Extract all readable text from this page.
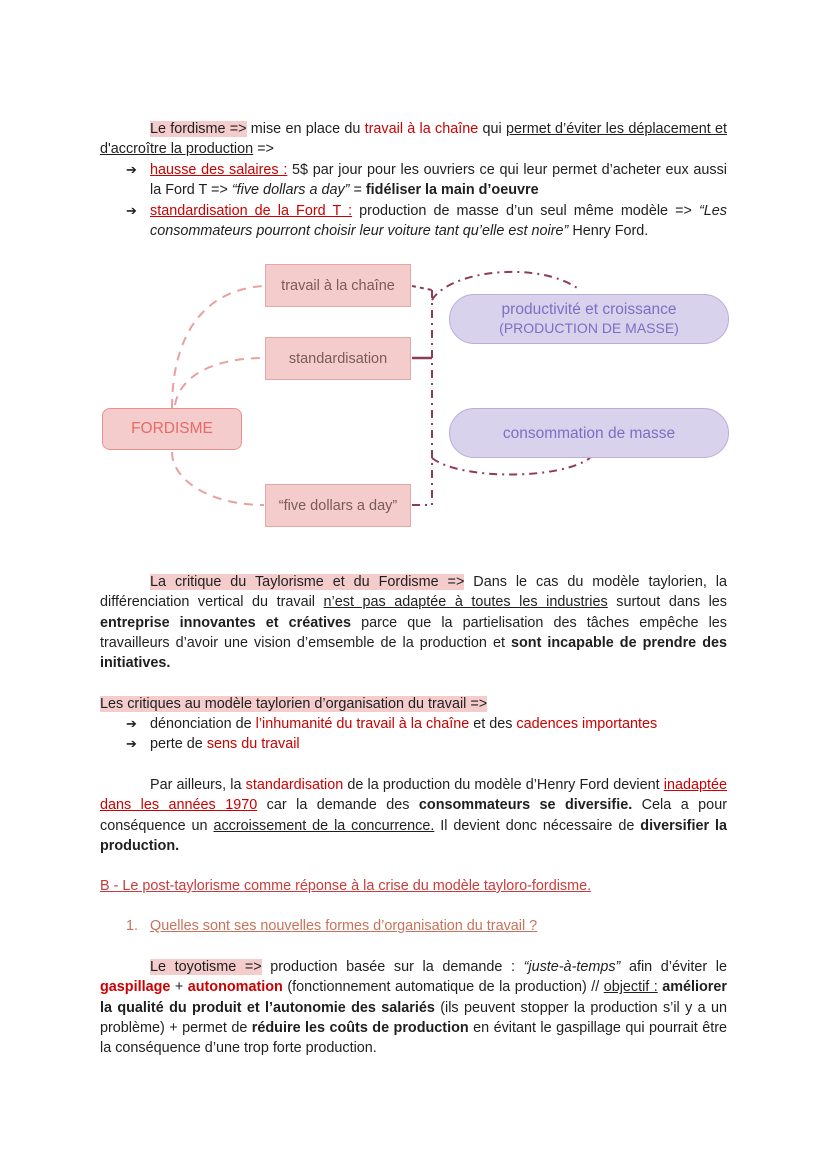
Le fordisme => mise en place du travail à la chaîne qui permet d’éviter les déplacement et d'accroître la production =>
➔ hausse des salaires : 5$ par jour pour les ouvriers ce qui leur permet d’acheter eux aussi la Ford T => “five dollars a day” = fidéliser la main d’oeuvre
➔ standardisation de la Ford T : production de masse d’un seul même modèle => “Les consommateurs pourront choisir leur voiture tant qu’elle est noire” Henry Ford.
FORDISME
travail à la chaîne
standardisation
“five dollars a day”
productivité et croissance
(PRODUCTION DE MASSE)
consommation de masse
La critique du Taylorisme et du Fordisme => Dans le cas du modèle taylorien, la différenciation vertical du travail n’est pas adaptée à toutes les industries surtout dans les entreprise innovantes et créatives parce que la partielisation des tâches empêche les travailleurs d’avoir une vision d’emsemble de la production et sont incapable de prendre des initiatives.
Les critiques au modèle taylorien d’organisation du travail =>
➔ dénonciation de l’inhumanité du travail à la chaîne et des cadences importantes
➔ perte de sens du travail
Par ailleurs, la standardisation de la production du modèle d’Henry Ford devient inadaptée dans les années 1970 car la demande des consommateurs se diversifie. Cela a pour conséquence un accroissement de la concurrence. Il devient donc nécessaire de diversifier la production.
B - Le post-taylorisme comme réponse à la crise du modèle tayloro-fordisme.
1. Quelles sont ses nouvelles formes d’organisation du travail ?
Le toyotisme => production basée sur la demande : “juste-à-temps” afin d’éviter le gaspillage + autonomation (fonctionnement automatique de la production) // objectif : améliorer la qualité du produit et l’autonomie des salariés (ils peuvent stopper la production s’il y a un problème) + permet de réduire les coûts de production en évitant le gaspillage qui pourrait être la conséquence d’une trop forte production.
